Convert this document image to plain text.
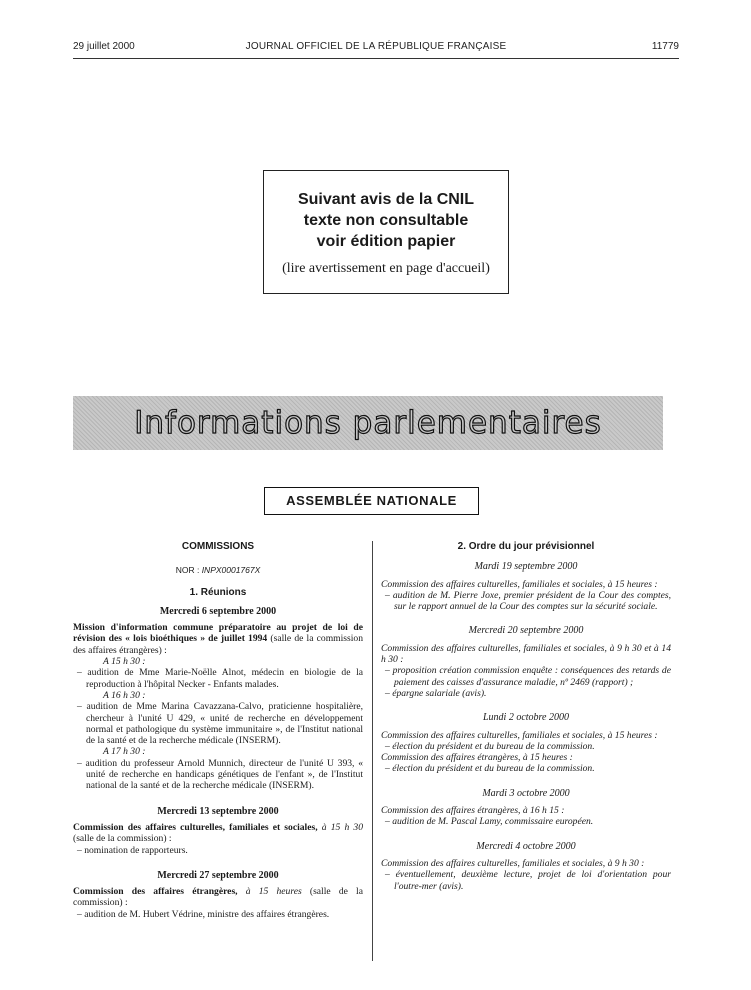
29 juillet 2000	JOURNAL OFFICIEL DE LA RÉPUBLIQUE FRANÇAISE	11779
Suivant avis de la CNIL
texte non consultable
voir édition papier
(lire avertissement en page d'accueil)
Informations parlementaires
ASSEMBLÉE NATIONALE
COMMISSIONS
NOR : INPX0001767X
1. Réunions
Mercredi 6 septembre 2000
Mission d'information commune préparatoire au projet de loi de révision des « lois bioéthiques » de juillet 1994 (salle de la commission des affaires étrangères) :
A 15 h 30 :
– audition de Mme Marie-Noëlle Alnot, médecin en biologie de la reproduction à l'hôpital Necker - Enfants malades.
A 16 h 30 :
– audition de Mme Marina Cavazzana-Calvo, praticienne hospitalière, chercheur à l'unité U 429, « unité de recherche en développement normal et pathologique du système immunitaire », de l'Institut national de la santé et de la recherche médicale (INSERM).
A 17 h 30 :
– audition du professeur Arnold Munnich, directeur de l'unité U 393, « unité de recherche en handicaps génétiques de l'enfant », de l'Institut national de la santé et de la recherche médicale (INSERM).
Mercredi 13 septembre 2000
Commission des affaires culturelles, familiales et sociales, à 15 h 30 (salle de la commission) :
– nomination de rapporteurs.
Mercredi 27 septembre 2000
Commission des affaires étrangères, à 15 heures (salle de la commission) :
– audition de M. Hubert Védrine, ministre des affaires étrangères.
2. Ordre du jour prévisionnel
Mardi 19 septembre 2000
Commission des affaires culturelles, familiales et sociales, à 15 heures :
– audition de M. Pierre Joxe, premier président de la Cour des comptes, sur le rapport annuel de la Cour des comptes sur la sécurité sociale.
Mercredi 20 septembre 2000
Commission des affaires culturelles, familiales et sociales, à 9 h 30 et à 14 h 30 :
– proposition création commission enquête : conséquences des retards de paiement des caisses d'assurance maladie, nº 2469 (rapport) ;
– épargne salariale (avis).
Lundi 2 octobre 2000
Commission des affaires culturelles, familiales et sociales, à 15 heures :
– élection du président et du bureau de la commission.
Commission des affaires étrangères, à 15 heures :
– élection du président et du bureau de la commission.
Mardi 3 octobre 2000
Commission des affaires étrangères, à 16 h 15 :
– audition de M. Pascal Lamy, commissaire européen.
Mercredi 4 octobre 2000
Commission des affaires culturelles, familiales et sociales, à 9 h 30 :
– éventuellement, deuxième lecture, projet de loi d'orientation pour l'outre-mer (avis).
